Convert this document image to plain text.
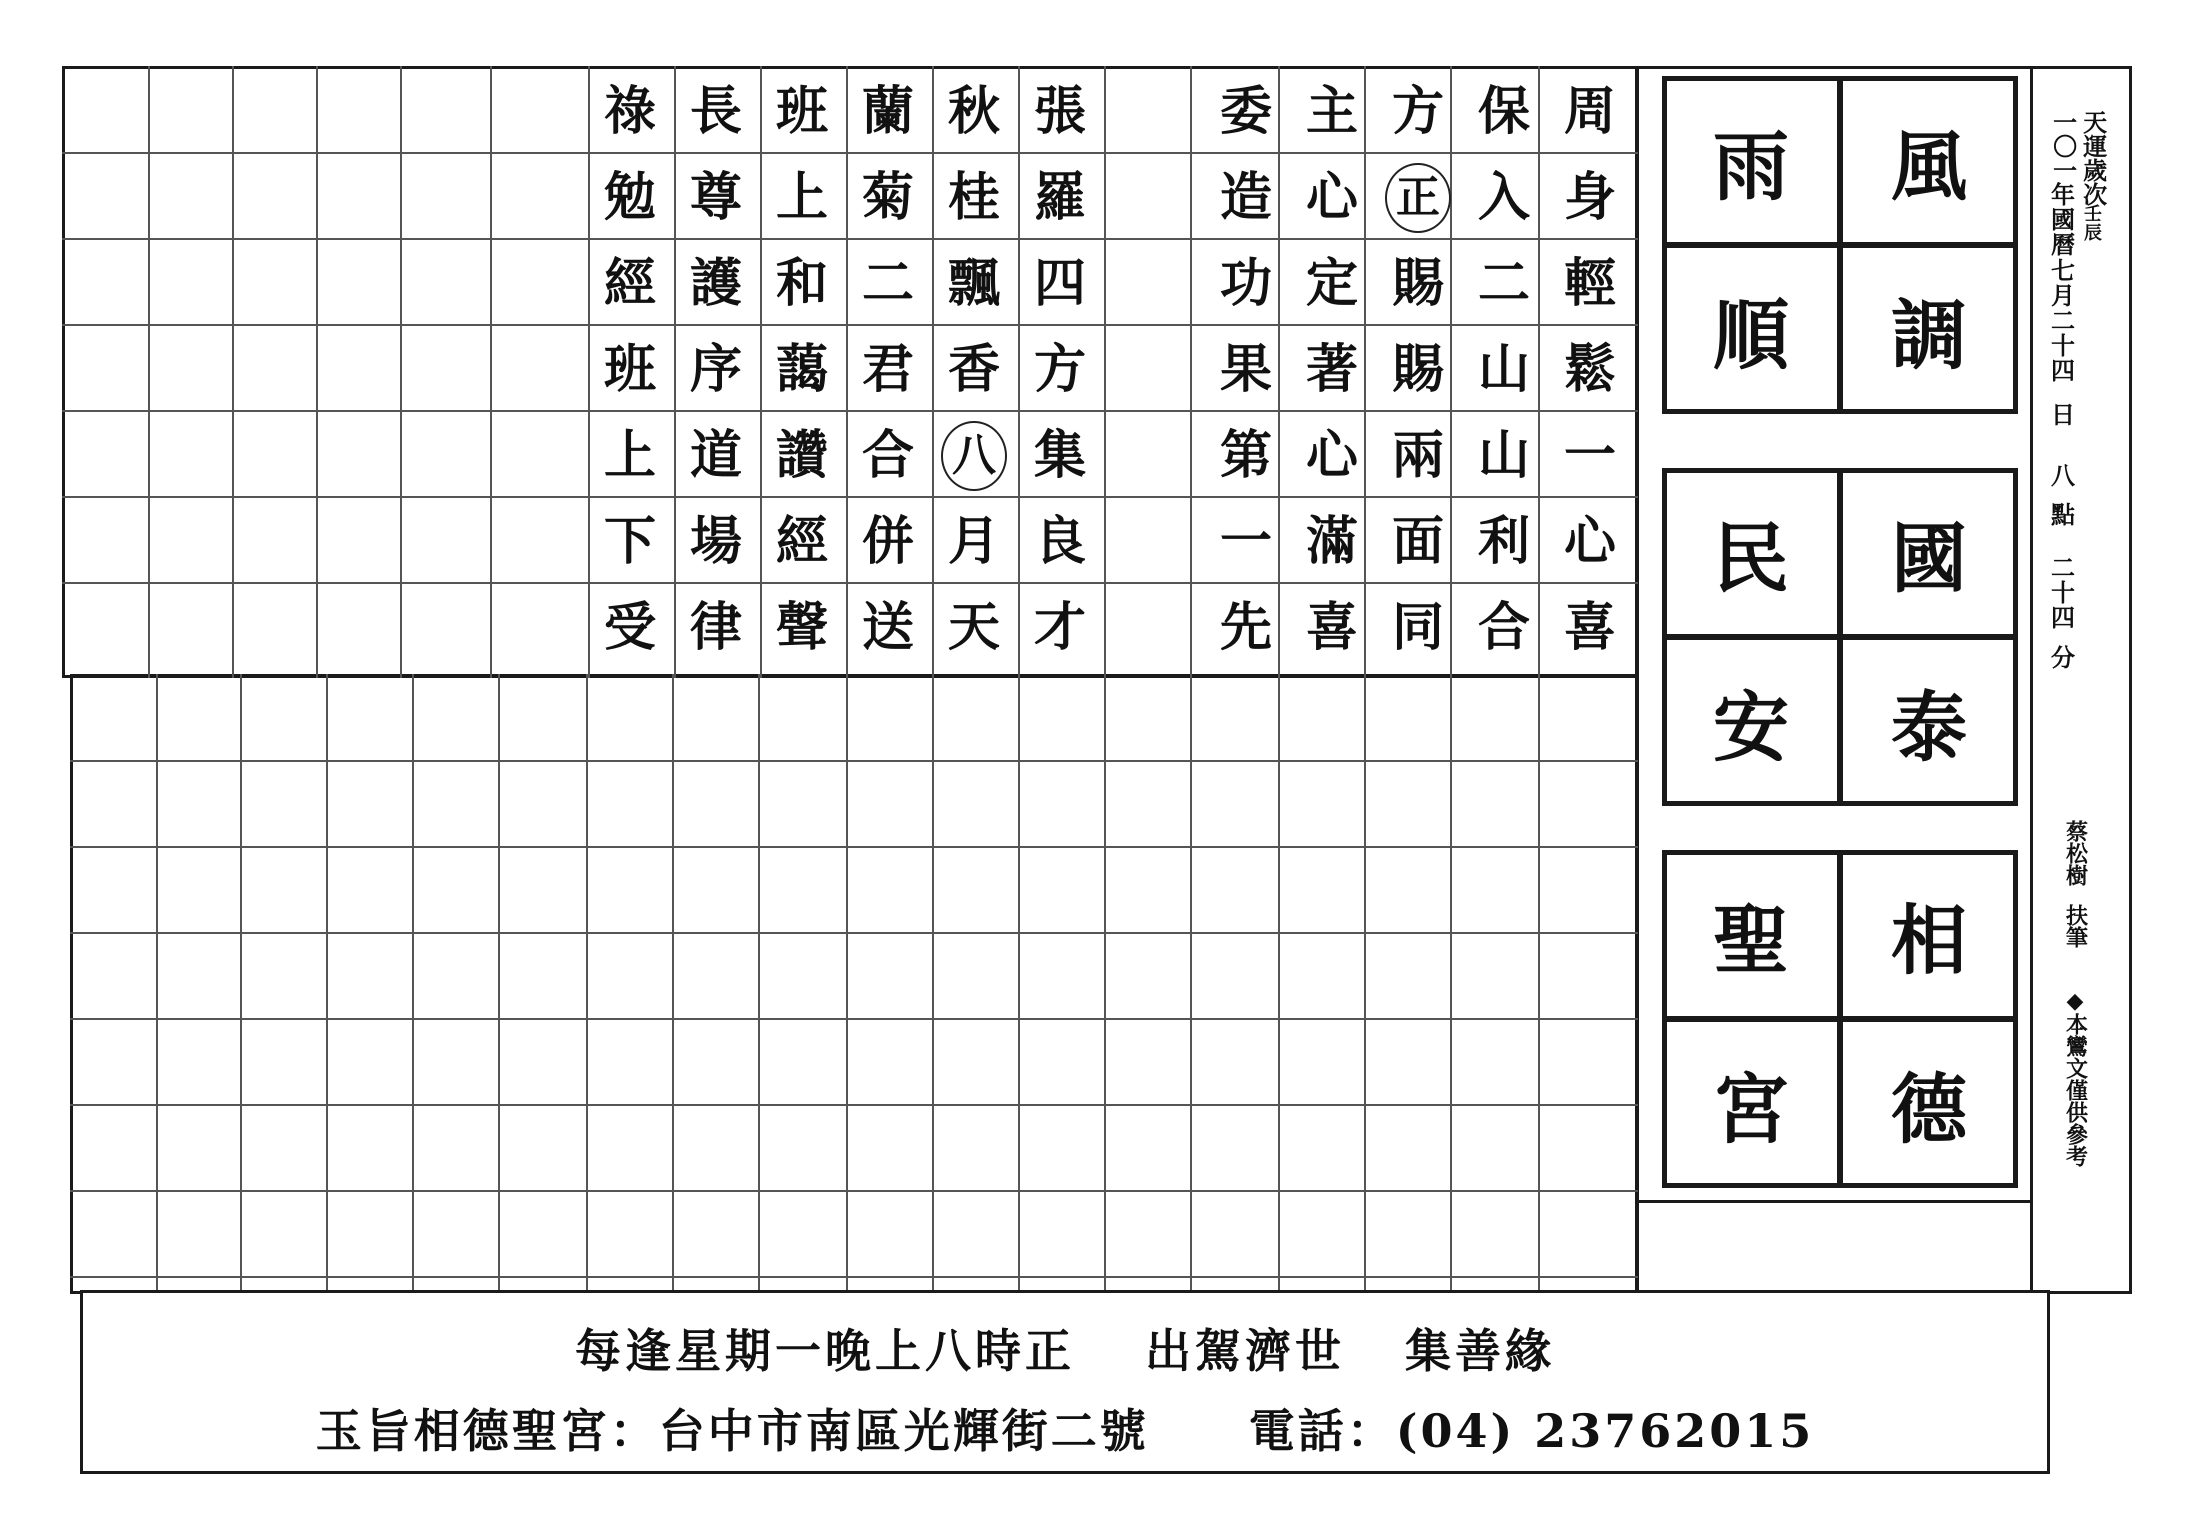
周
身
輕
鬆
一
心
喜
保
入
二
山
山
利
合
方
正
賜
賜
兩
面
同
主
心
定
著
心
滿
喜
委
造
功
果
第
一
先
張
羅
四
方
集
良
才
秋
桂
飄
香
八
月
天
蘭
菊
二
君
合
併
送
班
上
和
藹
讚
經
聲
長
尊
護
序
道
場
律
祿
勉
經
班
上
下
受
風
調
雨
順
國
泰
民
安
相
德
聖
宮
天運歲次
壬
辰
一〇一
年
國
曆
七
月
二
十
四
日
八
點
二
十
四
分
蔡松樹
扶筆
◆
本鸞文僅供參考
每逢星期一晚上八時正 出駕濟世 集善緣
玉旨相德聖宮：台中市南區光輝街二號 電話：(04) 23762015
